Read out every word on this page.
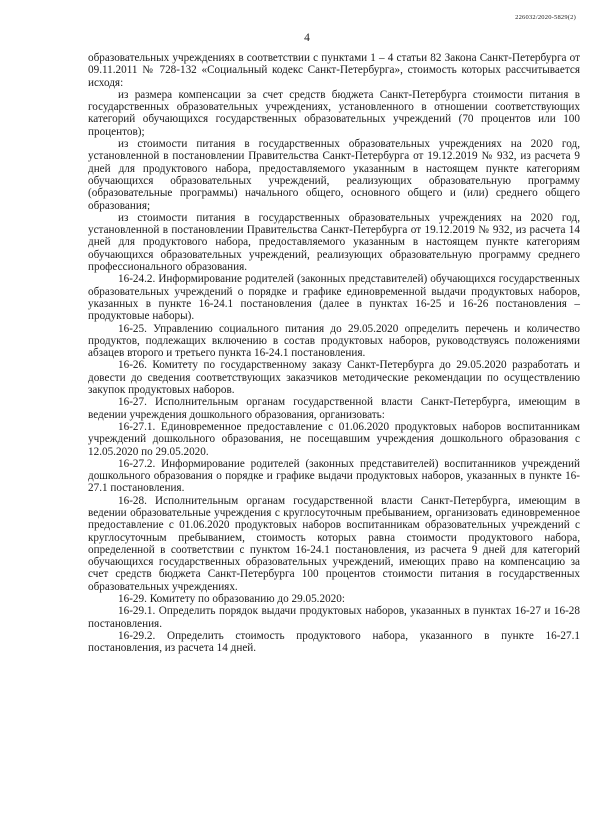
226032/2020-5829(2)
4

образовательных учреждениях в соответствии с пунктами 1 – 4 статьи 82 Закона Санкт-Петербурга от 09.11.2011 № 728-132 «Социальный кодекс Санкт-Петербурга», стоимость которых рассчитывается исходя:

из размера компенсации за счет средств бюджета Санкт-Петербурга стоимости питания в государственных образовательных учреждениях, установленного в отношении соответствующих категорий обучающихся государственных образовательных учреждений (70 процентов или 100 процентов);

из стоимости питания в государственных образовательных учреждениях на 2020 год, установленной в постановлении Правительства Санкт-Петербурга от 19.12.2019 № 932, из расчета 9 дней для продуктового набора, предоставляемого указанным в настоящем пункте категориям обучающихся образовательных учреждений, реализующих образовательную программу (образовательные программы) начального общего, основного общего и (или) среднего общего образования;

из стоимости питания в государственных образовательных учреждениях на 2020 год, установленной в постановлении Правительства Санкт-Петербурга от 19.12.2019 № 932, из расчета 14 дней для продуктового набора, предоставляемого указанным в настоящем пункте категориям обучающихся образовательных учреждений, реализующих образовательную программу среднего профессионального образования.

16-24.2. Информирование родителей (законных представителей) обучающихся государственных образовательных учреждений о порядке и графике единовременной выдачи продуктовых наборов, указанных в пункте 16-24.1 постановления (далее в пунктах 16-25 и 16-26 постановления – продуктовые наборы).

16-25. Управлению социального питания до 29.05.2020 определить перечень и количество продуктов, подлежащих включению в состав продуктовых наборов, руководствуясь положениями абзацев второго и третьего пункта 16-24.1 постановления.

16-26. Комитету по государственному заказу Санкт-Петербурга до 29.05.2020 разработать и довести до сведения соответствующих заказчиков методические рекомендации по осуществлению закупок продуктовых наборов.

16-27. Исполнительным органам государственной власти Санкт-Петербурга, имеющим в ведении учреждения дошкольного образования, организовать:

16-27.1. Единовременное предоставление с 01.06.2020 продуктовых наборов воспитанникам учреждений дошкольного образования, не посещавшим учреждения дошкольного образования с 12.05.2020 по 29.05.2020.

16-27.2. Информирование родителей (законных представителей) воспитанников учреждений дошкольного образования о порядке и графике выдачи продуктовых наборов, указанных в пункте 16-27.1 постановления.

16-28. Исполнительным органам государственной власти Санкт-Петербурга, имеющим в ведении образовательные учреждения с круглосуточным пребыванием, организовать единовременное предоставление с 01.06.2020 продуктовых наборов воспитанникам образовательных учреждений с круглосуточным пребыванием, стоимость которых равна стоимости продуктового набора, определенной в соответствии с пунктом 16-24.1 постановления, из расчета 9 дней для категорий обучающихся государственных образовательных учреждений, имеющих право на компенсацию за счет средств бюджета Санкт-Петербурга 100 процентов стоимости питания в государственных образовательных учреждениях.

16-29. Комитету по образованию до 29.05.2020:

16-29.1. Определить порядок выдачи продуктовых наборов, указанных в пунктах 16-27 и 16-28 постановления.

16-29.2. Определить стоимость продуктового набора, указанного в пункте 16-27.1 постановления, из расчета 14 дней.
